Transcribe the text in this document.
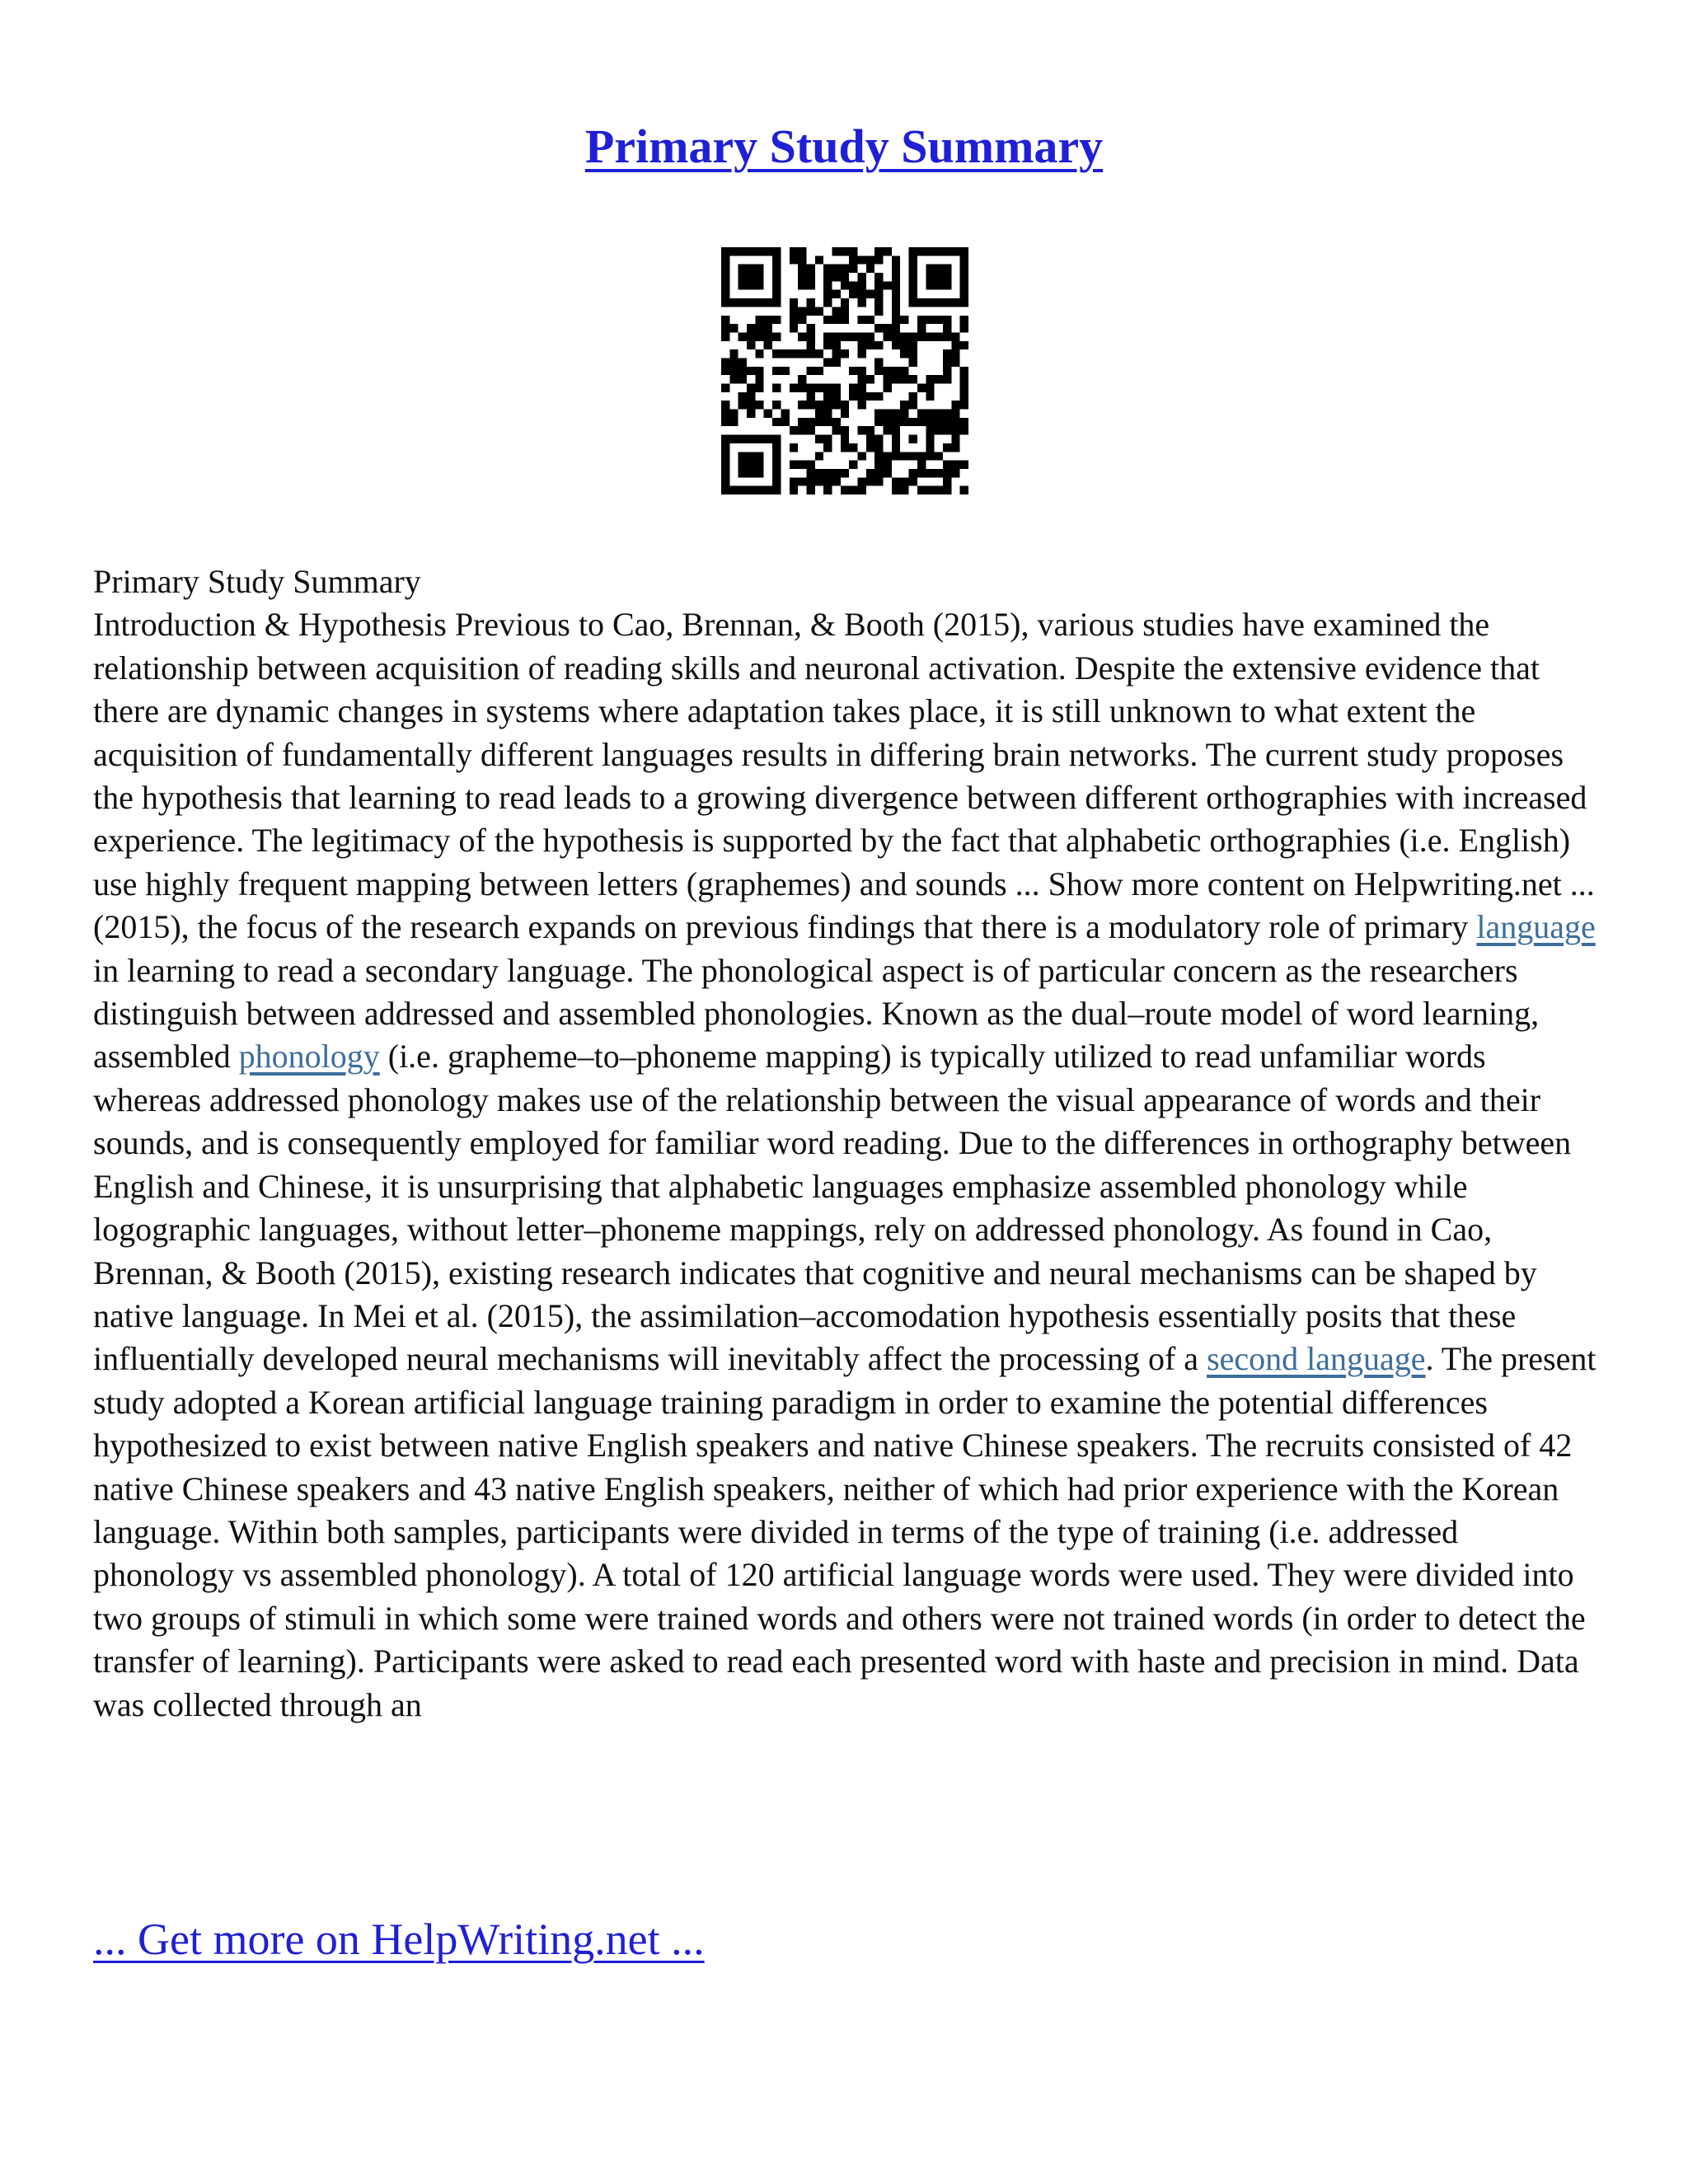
Primary Study Summary

Primary Study Summary

Introduction & Hypothesis Previous to Cao, Brennan, & Booth (2015), various studies have examined the relationship between acquisition of reading skills and neuronal activation. Despite the extensive evidence that there are dynamic changes in systems where adaptation takes place, it is still unknown to what extent the acquisition of fundamentally different languages results in differing brain networks. The current study proposes the hypothesis that learning to read leads to a growing divergence between different orthographies with increased experience. The legitimacy of the hypothesis is supported by the fact that alphabetic orthographies (i.e. English) use highly frequent mapping between letters (graphemes) and sounds ... Show more content on Helpwriting.net ... (2015), the focus of the research expands on previous findings that there is a modulatory role of primary language in learning to read a secondary language. The phonological aspect is of particular concern as the researchers distinguish between addressed and assembled phonologies. Known as the dual–route model of word learning, assembled phonology (i.e. grapheme–to–phoneme mapping) is typically utilized to read unfamiliar words whereas addressed phonology makes use of the relationship between the visual appearance of words and their sounds, and is consequently employed for familiar word reading. Due to the differences in orthography between English and Chinese, it is unsurprising that alphabetic languages emphasize assembled phonology while logographic languages, without letter–phoneme mappings, rely on addressed phonology. As found in Cao, Brennan, & Booth (2015), existing research indicates that cognitive and neural mechanisms can be shaped by native language. In Mei et al. (2015), the assimilation–accomodation hypothesis essentially posits that these influentially developed neural mechanisms will inevitably affect the processing of a second language. The present study adopted a Korean artificial language training paradigm in order to examine the potential differences hypothesized to exist between native English speakers and native Chinese speakers. The recruits consisted of 42 native Chinese speakers and 43 native English speakers, neither of which had prior experience with the Korean language. Within both samples, participants were divided in terms of the type of training (i.e. addressed phonology vs assembled phonology). A total of 120 artificial language words were used. They were divided into two groups of stimuli in which some were trained words and others were not trained words (in order to detect the transfer of learning). Participants were asked to read each presented word with haste and precision in mind. Data was collected through an

... Get more on HelpWriting.net ...
